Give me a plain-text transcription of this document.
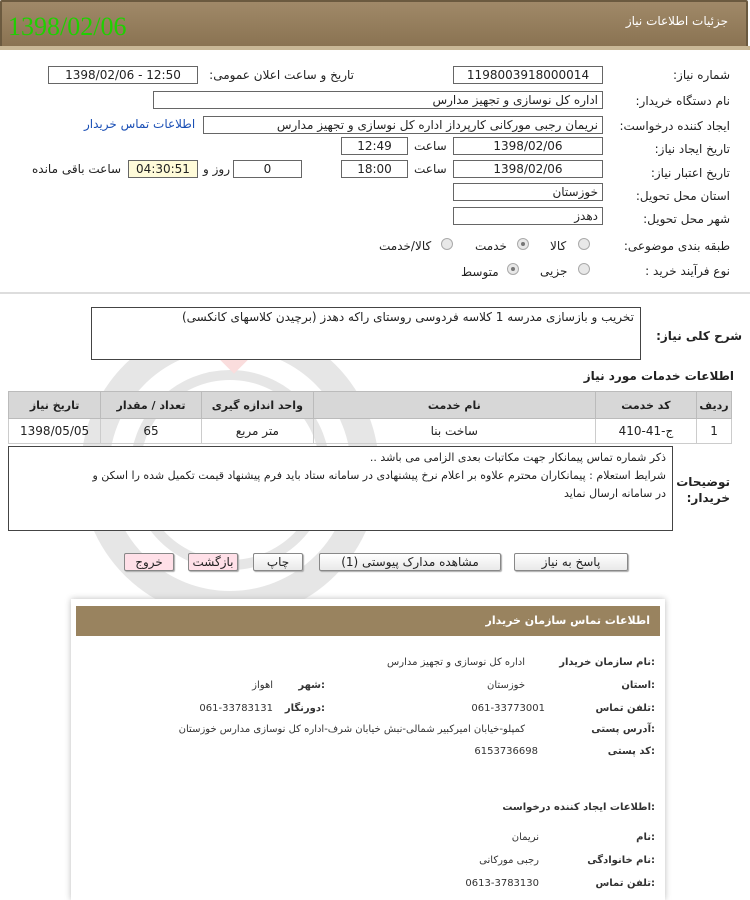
1398/02/06	جزئیات اطلاعات نیاز
شماره نیاز:
1198003918000014
تاریخ و ساعت اعلان عمومی:
1398/02/06 - 12:50
نام دستگاه خریدار:
اداره کل نوسازی و تجهیز مدارس
ایجاد کننده درخواست:
نریمان رجبی مورکانی کارپرداز اداره کل نوسازی و تجهیز مدارس
اطلاعات تماس خریدار
تاریخ ایجاد نیاز:
1398/02/06
ساعت
12:49
تاریخ اعتبار نیاز:
1398/02/06
ساعت
18:00
0
روز و
04:30:51
ساعت باقی مانده
استان محل تحویل:
خوزستان
شهر محل تحویل:
دهدز
طبقه بندی موضوعی:
کالا
خدمت
کالا/خدمت
نوع فرآیند خرید :
جزیی
متوسط
شرح کلی نیاز:
تخریب و بازسازی مدرسه 1 کلاسه فردوسی روستای راکه دهدز (برچیدن کلاسهای کانکسی)
اطلاعات خدمات مورد نیاز
تاریخ نیاز	تعداد / مقدار	واحد اندازه گیری	نام خدمت	کد خدمت	ردیف
1398/05/05	65	متر مربع	ساخت بنا	ج-41-410	1
توضیحات
خریدار:
ذکر شماره تماس پیمانکار جهت مکاتبات بعدی الزامی می باشد ..
شرایط استعلام : پیمانکاران محترم علاوه بر اعلام نرخ پیشنهادی در سامانه ستاد باید فرم پیشنهاد قیمت تکمیل شده را اسکن و
در سامانه ارسال نماید
پاسخ به نیاز
مشاهده مدارک پیوستی (1)
چاپ
بازگشت
خروج
اطلاعات تماس سازمان خریدار
نام سازمان خریدار:
اداره کل نوسازی و تجهیز مدارس
استان:
خوزستان
شهر:
اهواز
تلفن تماس:
061-33773001
دورنگار:
061-33783131
آدرس پستی:
کمپلو-خیابان امیرکبیر شمالی-نبش خیابان شرف-اداره کل نوسازی مدارس خوزستان
کد پستی:
6153736698
اطلاعات ایجاد کننده درخواست:
نام:
نریمان
نام خانوادگی:
رجبی مورکانی
تلفن تماس:
0613-3783130
